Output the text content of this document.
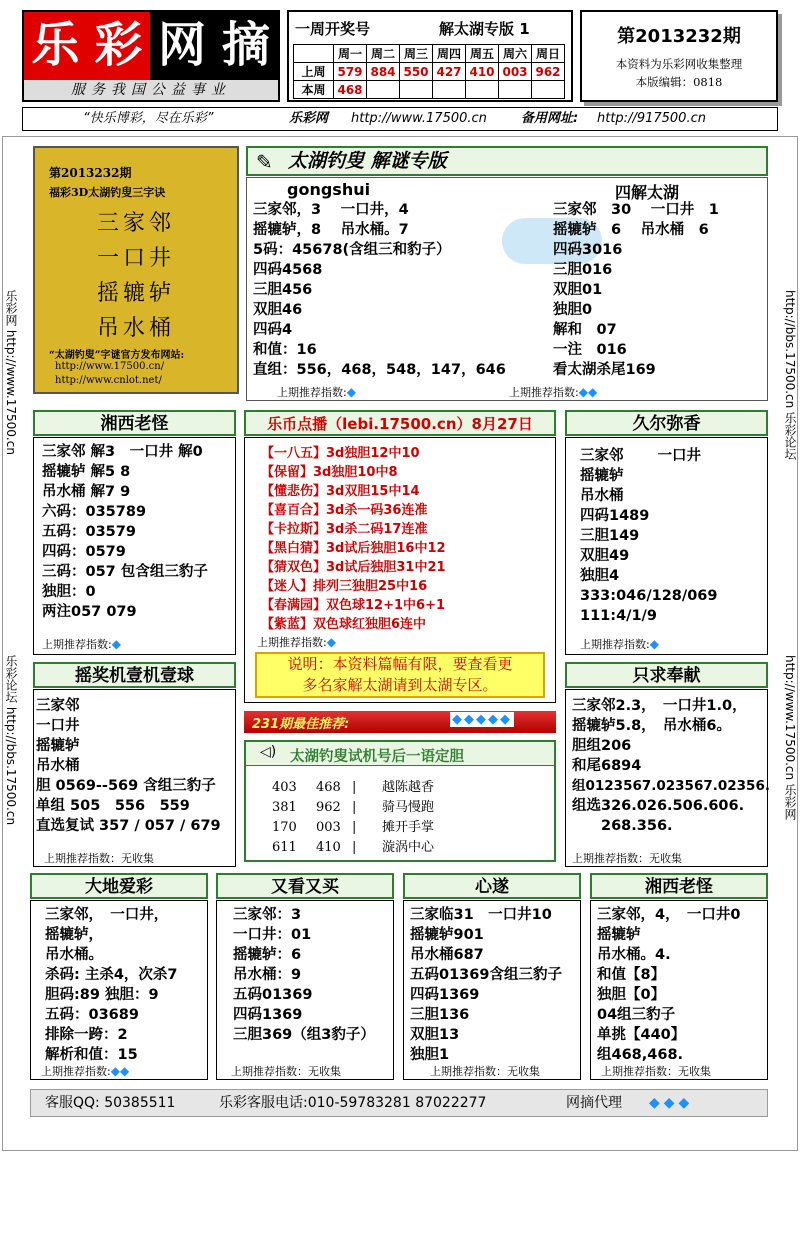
乐 彩 网 摘
服务我国公益事业
一周开奖号	解太湖专版 1
	周一	周二	周三	周四	周五	周六	周日
上周	579	884	550	427	410	003	962
本周	468						
第2013232期
本资料为乐彩网收集整理
本版编辑：0818
“快乐博彩，尽在乐彩”	乐彩网 http://www.17500.cn	备用网址: http://917500.cn
乐彩网 http://www.17500.cn
乐彩论坛 http://bbs.17500.cn
http://bbs.17500.cn 乐彩论坛
http://www.17500.cn 乐彩网
第2013232期
福彩3D太湖钓叟三字诀
三家邻
一口井
摇辘轳
吊水桶
“太湖钓叟”字谜官方发布网站:
http://www.17500.cn/
http://www.cnlot.net/
✎ 太湖钓叟 解谜专版
gongshui
三家邻，3　 一口井，4
摇辘轳，8　 吊水桶。7
5码：45678(含组三和豹子）
四码4568
三胆456
双胆46
四码4
和值：16
直组：556，468，548，147，646
四解太湖
三家邻　30　 一口井　1
摇辘轳　6　 吊水桶　6
四码3016
三胆016
双胆01
独胆0
解和　07
一注　016
看太湖杀尾169
上期推荐指数:◆	上期推荐指数:◆◆
湘西老怪
三家邻 解3　一口井 解0
摇辘轳 解5 8
吊水桶 解7 9
六码：035789
五码：03579
四码：0579
三码：057 包含组三豹子
独胆：0
两注057 079
上期推荐指数:◆
乐币点播（lebi.17500.cn）8月27日
【一八五】3d独胆12中10
【保留】3d独胆10中8
【懂悲伤】3d双胆15中14
【喜百合】3d杀一码36连准
【卡拉斯】3d杀二码17连准
【黑白猜】3d试后独胆16中12
【猜双色】3d试后独胆31中21
【迷人】排列三独胆25中16
【春满园】双色球12+1中6+1
【紫蓝】双色球红独胆6连中
上期推荐指数:◆
说明：本资料篇幅有限，要查看更
多名家解太湖请到太湖专区。
久尔弥香
三家邻　　 一口井
摇辘轳
吊水桶
四码1489
三胆149
双胆49
独胆4
333:046/128/069
111:4/1/9
上期推荐指数:◆
摇奖机壹机壹球
三家邻
一口井
摇辘轳
吊水桶
胆 0569--569 含组三豹子
单组 505　556　559
直选复试 357 / 057 / 679
上期推荐指数：无收集
231期最佳推荐:	◆◆◆◆◆
◁) 太湖钓叟试机号后一语定胆
403 468 | 越陈越香
381 962 | 骑马慢跑
170 003 | 摊开手掌
611 410 | 漩涡中心
只求奉献
三家邻2.3，　一口井1.0，
摇辘轳5.8，　吊水桶6。
胆组206
和尾6894
组0123567.023567.02356.
组选326.026.506.606.
　　268.356.
上期推荐指数：无收集
大地爱彩
三家邻，　一口井，
摇辘轳，
吊水桶。
杀码: 主杀4，次杀7
胆码:89 独胆：9
五码：03689
排除一跨：2
解析和值：15
上期推荐指数:◆◆
又看又买
三家邻：3
一口井：01
摇辘轳：6
吊水桶：9
五码01369
四码1369
三胆369（组3豹子）
上期推荐指数：无收集
心遂
三家临31　一口井10
摇辘轳901
吊水桶687
五码01369含组三豹子
四码1369
三胆136
双胆13
独胆1
上期推荐指数：无收集
湘西老怪
三家邻，4，　一口井0
摇辘轳
吊水桶。4.
和值【8】
独胆【0】
04组三豹子
单挑【440】
组468,468.
上期推荐指数：无收集
客服QQ: 50385511	乐彩客服电话:010-59783281 87022277	网摘代理 ◆◆◆
